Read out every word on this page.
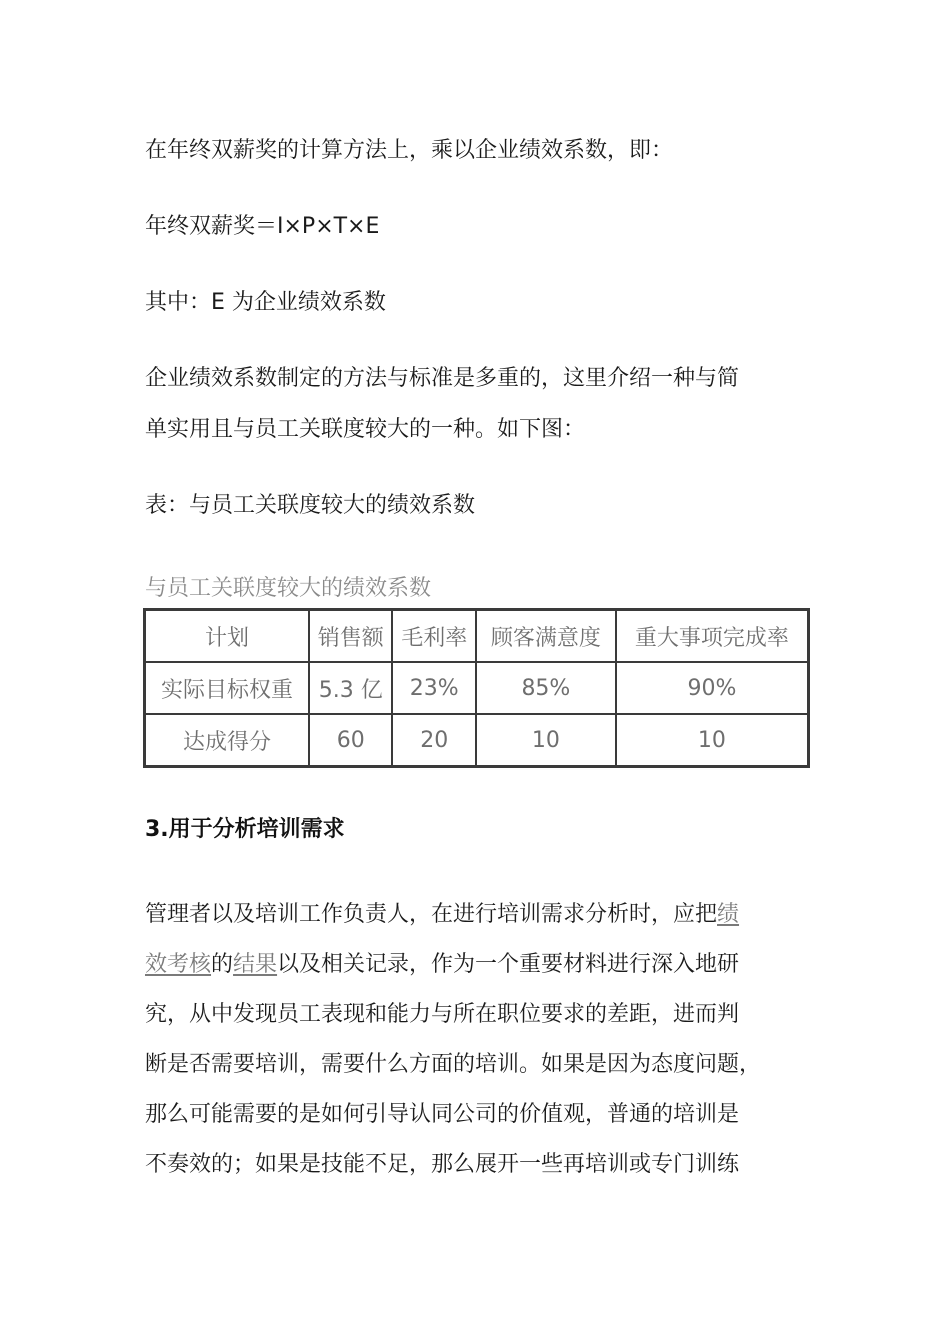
在年终双薪奖的计算方法上，乘以企业绩效系数，即：

年终双薪奖＝I×P×T×E

其中：E 为企业绩效系数

企业绩效系数制定的方法与标准是多重的，这里介绍一种与简

单实用且与员工关联度较大的一种。如下图：

表：与员工关联度较大的绩效系数

与员工关联度较大的绩效系数
计划	销售额	毛利率	顾客满意度	重大事项完成率
实际目标权重	5.3 亿	23%	85%	90%
达成得分	60	20	10	10
3.用于分析培训需求
管理者以及培训工作负责人，在进行培训需求分析时，应把绩
效考核的结果以及相关记录，作为一个重要材料进行深入地研
究，从中发现员工表现和能力与所在职位要求的差距，进而判
断是否需要培训，需要什么方面的培训。如果是因为态度问题，
那么可能需要的是如何引导认同公司的价值观，普通的培训是
不奏效的；如果是技能不足，那么展开一些再培训或专门训练
